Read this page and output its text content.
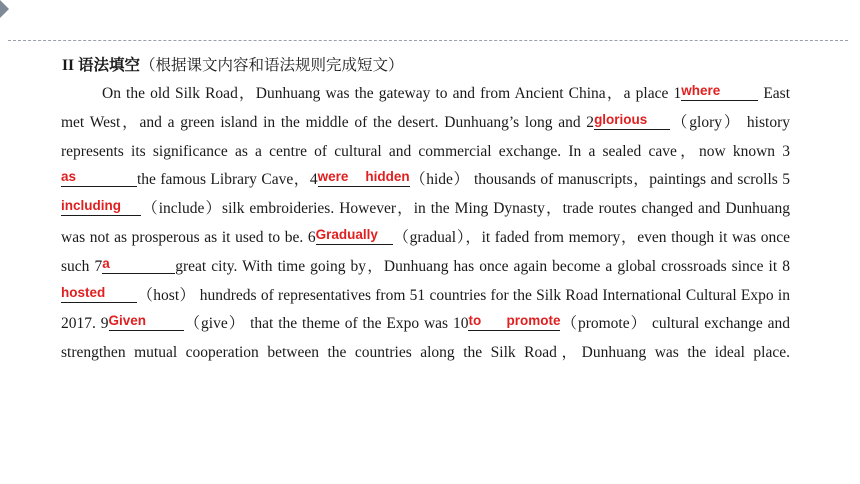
II 语法填空（根据课文内容和语法规则完成短文）

On the old Silk Road，Dunhuang was the gateway to and from Ancient China，a place 1 where	East met West，and a green island in the middle of the desert. Dunhuang’s long and 2 glorious	（glory） history represents its significance as a centre of cultural and commercial exchange. In a sealed cave，now known 3
as	the famous Library Cave，4 were hidden （hide） thousands of manuscripts，paintings and scrolls 5
including	（include）silk embroideries. However，in the Ming Dynasty，trade routes changed and Dunhuang was not as prosperous as it used to be. 6 Gradually （gradual），it faded from memory，even though it was once such 7 a	great city. With time going by，Dunhuang has once again become a global crossroads since it 8
hosted	（host） hundreds of representatives from 51 countries for the Silk Road International Cultural Expo in 2017. 9 Given	（give） that the theme of the Expo was 10 to promote （promote） cultural exchange and strengthen mutual cooperation between the countries along the Silk Road，Dunhuang was the ideal place.
